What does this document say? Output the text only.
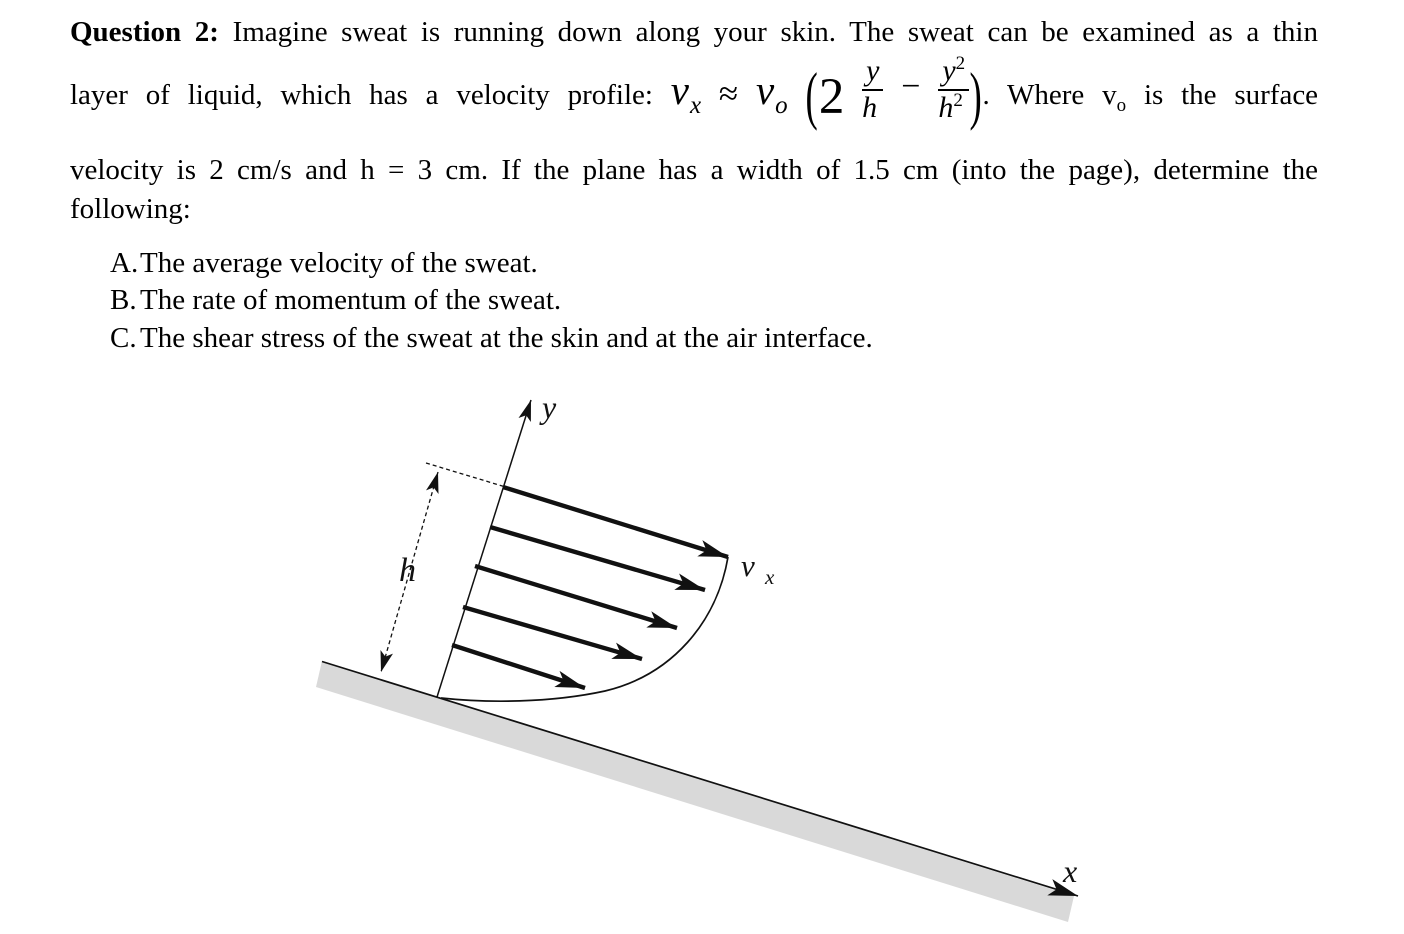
Question 2: Imagine sweat is running down along your skin. The sweat can be examined as a thin
layer of liquid, which has a velocity profile: vx ≈ vo ($2 \frac{y}{h} - \frac{y^2}{h^2}$ ). Where $v_o$ is the surface
velocity is 2 cm/s and h = 3 cm. If the plane has a width of 1.5 cm (into the page), determine the
following:
A. The average velocity of the sweat.
B. The rate of momentum of the sweat.
C. The shear stress of the sweat at the skin and at the air interface.
y
h
x
v x
